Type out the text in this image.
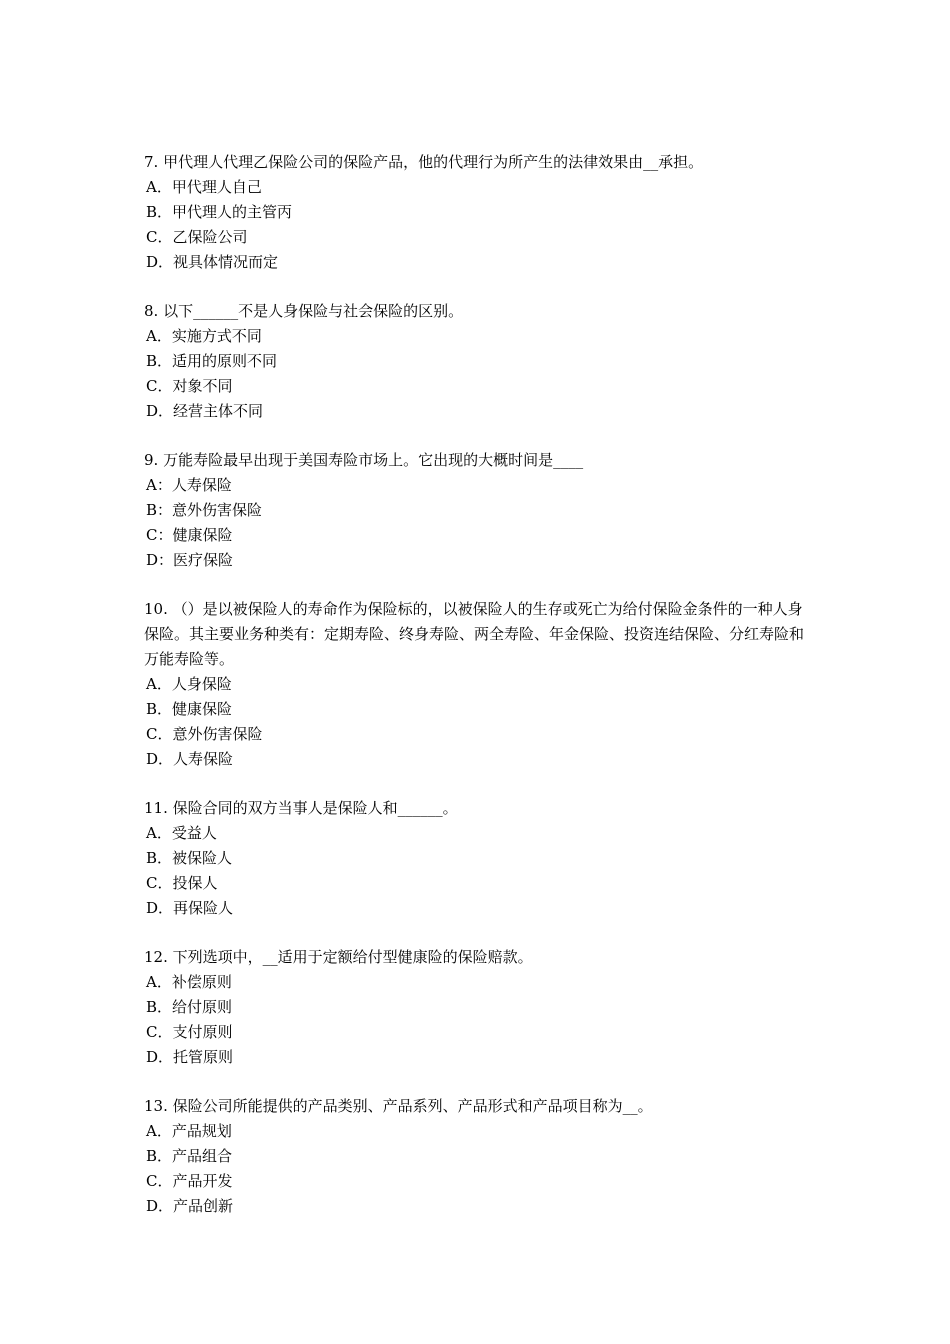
7. 甲代理人代理乙保险公司的保险产品，他的代理行为所产生的法律效果由__承担。

A．甲代理人自己

B．甲代理人的主管丙

C．乙保险公司

D．视具体情况而定

8. 以下______不是人身保险与社会保险的区别。

A．实施方式不同

B．适用的原则不同

C．对象不同

D．经营主体不同

9. 万能寿险最早出现于美国寿险市场上。它出现的大概时间是____

A：人寿保险

B：意外伤害保险

C：健康保险

D：医疗保险

10. （）是以被保险人的寿命作为保险标的，以被保险人的生存或死亡为给付保险金条件的一种人身保险。其主要业务种类有：定期寿险、终身寿险、两全寿险、年金保险、投资连结保险、分红寿险和万能寿险等。

A．人身保险

B．健康保险

C．意外伤害保险

D．人寿保险

11. 保险合同的双方当事人是保险人和______。

A．受益人

B．被保险人

C．投保人

D．再保险人

12. 下列选项中，__适用于定额给付型健康险的保险赔款。

A．补偿原则

B．给付原则

C．支付原则

D．托管原则

13. 保险公司所能提供的产品类别、产品系列、产品形式和产品项目称为__。

A．产品规划

B．产品组合

C．产品开发

D．产品创新
